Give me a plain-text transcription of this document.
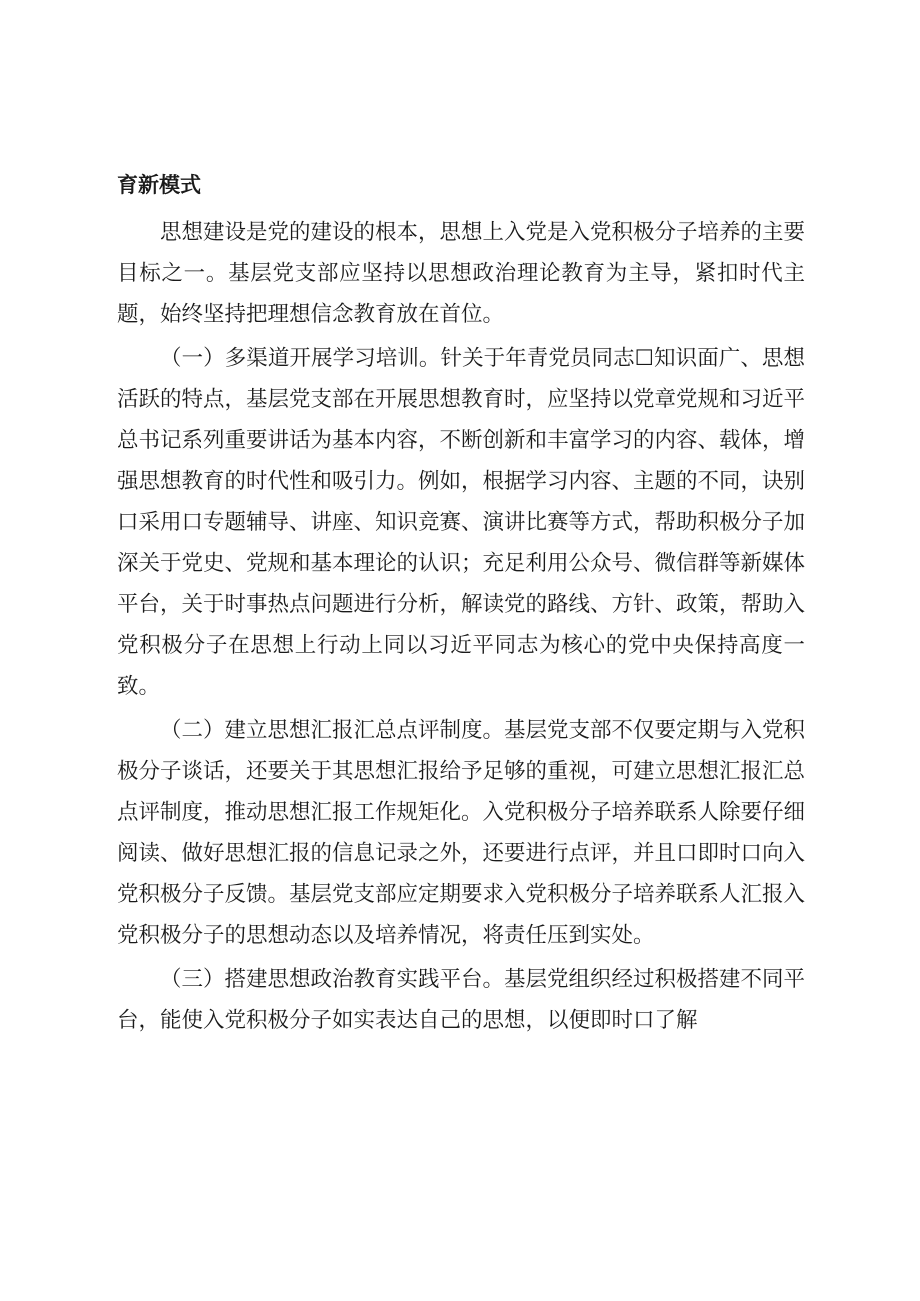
育新模式

思想建设是党的建设的根本，思想上入党是入党积极分子培养的主要目标之一。基层党支部应坚持以思想政治理论教育为主导，紧扣时代主题，始终坚持把理想信念教育放在首位。

（一）多渠道开展学习培训。针关于年青党员同志☐知识面广、思想活跃的特点，基层党支部在开展思想教育时，应坚持以党章党规和习近平总书记系列重要讲话为基本内容，不断创新和丰富学习的内容、载体，增强思想教育的时代性和吸引力。例如，根据学习内容、主题的不同，诀别口采用口专题辅导、讲座、知识竞赛、演讲比赛等方式，帮助积极分子加深关于党史、党规和基本理论的认识；充足利用公众号、微信群等新媒体平台，关于时事热点问题进行分析，解读党的路线、方针、政策，帮助入党积极分子在思想上行动上同以习近平同志为核心的党中央保持高度一致。

（二）建立思想汇报汇总点评制度。基层党支部不仅要定期与入党积极分子谈话，还要关于其思想汇报给予足够的重视，可建立思想汇报汇总点评制度，推动思想汇报工作规矩化。入党积极分子培养联系人除要仔细阅读、做好思想汇报的信息记录之外，还要进行点评，并且口即时口向入党积极分子反馈。基层党支部应定期要求入党积极分子培养联系人汇报入党积极分子的思想动态以及培养情况，将责任压到实处。

（三）搭建思想政治教育实践平台。基层党组织经过积极搭建不同平台，能使入党积极分子如实表达自己的思想，以便即时口了解
